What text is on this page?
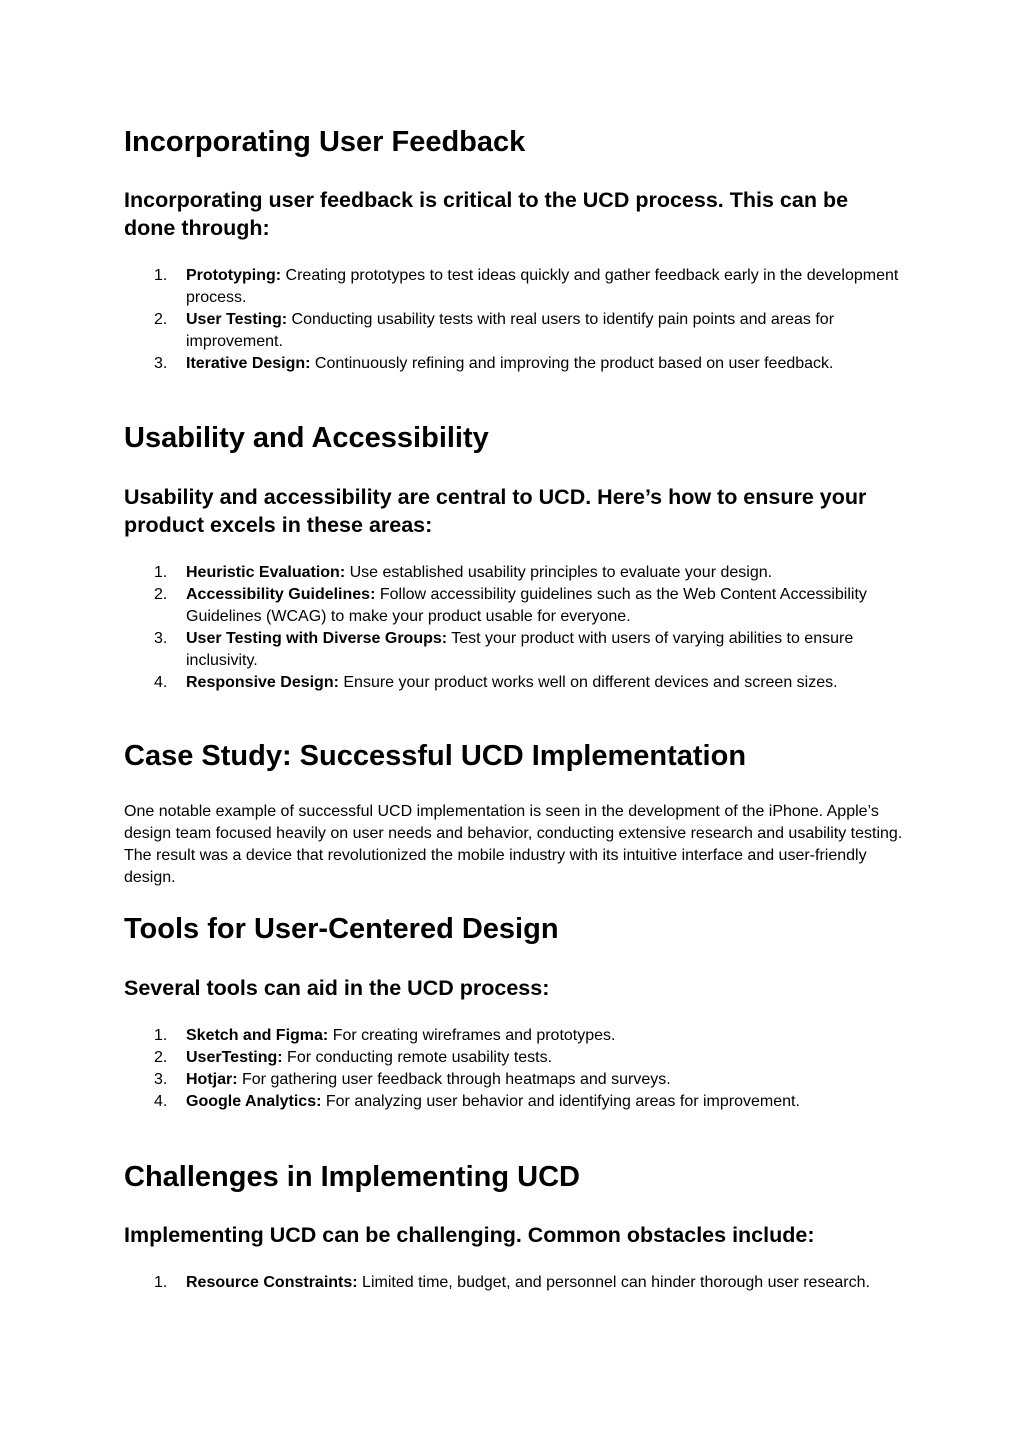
Incorporating User Feedback
Incorporating user feedback is critical to the UCD process. This can be done through:
1. Prototyping: Creating prototypes to test ideas quickly and gather feedback early in the development process.
2. User Testing: Conducting usability tests with real users to identify pain points and areas for improvement.
3. Iterative Design: Continuously refining and improving the product based on user feedback.
Usability and Accessibility
Usability and accessibility are central to UCD. Here’s how to ensure your product excels in these areas:
1. Heuristic Evaluation: Use established usability principles to evaluate your design.
2. Accessibility Guidelines: Follow accessibility guidelines such as the Web Content Accessibility Guidelines (WCAG) to make your product usable for everyone.
3. User Testing with Diverse Groups: Test your product with users of varying abilities to ensure inclusivity.
4. Responsive Design: Ensure your product works well on different devices and screen sizes.
Case Study: Successful UCD Implementation

One notable example of successful UCD implementation is seen in the development of the iPhone. Apple’s design team focused heavily on user needs and behavior, conducting extensive research and usability testing. The result was a device that revolutionized the mobile industry with its intuitive interface and user-friendly design.

Tools for User-Centered Design
Several tools can aid in the UCD process:
1. Sketch and Figma: For creating wireframes and prototypes.
2. UserTesting: For conducting remote usability tests.
3. Hotjar: For gathering user feedback through heatmaps and surveys.
4. Google Analytics: For analyzing user behavior and identifying areas for improvement.
Challenges in Implementing UCD
Implementing UCD can be challenging. Common obstacles include:
1. Resource Constraints: Limited time, budget, and personnel can hinder thorough user research.
